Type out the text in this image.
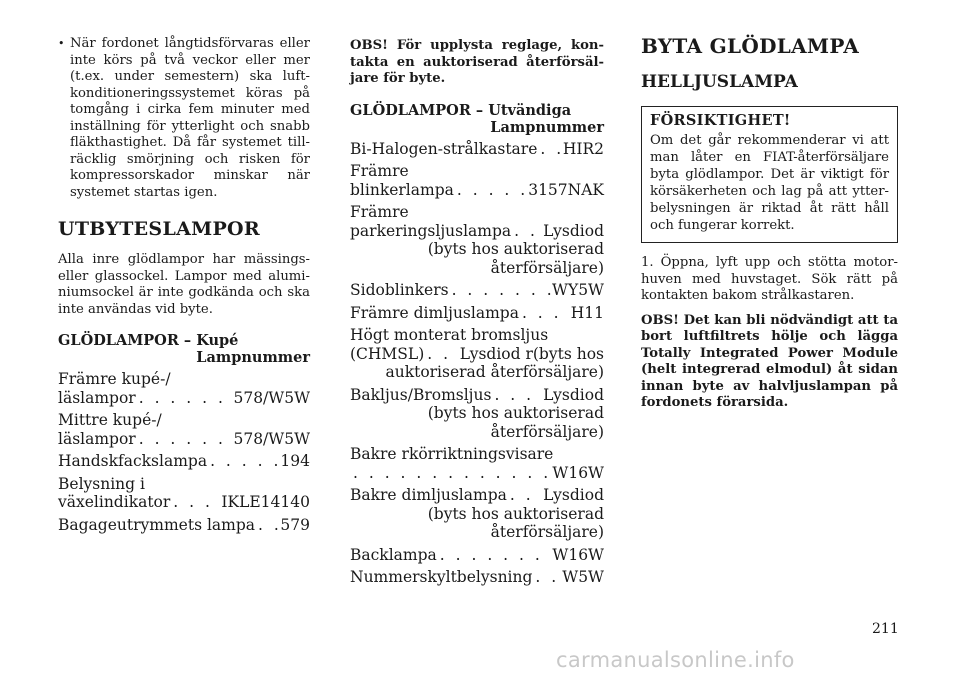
• När fordonet långtidsförvaras eller inte körs på två veckor eller mer (t.ex. under semestern) ska luft-konditioneringssystemet köras på tomgång i cirka fem minuter med inställning för ytterlight och snabb fläkthastighet. Då får systemet till-räcklig smörjning och risken för kompressorskador minskar när systemet startas igen.
UTBYTESLAMPOR

Alla inre glödlampor har mässings- eller glassockel. Lampor med alumi-niumsockel är inte godkända och ska inte användas vid byte.

GLÖDLAMPOR – Kupé
Lampnummer
Främre kupé-/
läslampor . . .	578/W5W
Mittre kupé-/
läslampor . . .	578/W5W
Handskfackslampa . . .	194
Belysning i
växelindikator . . .	IKLE14140
Bagageutrymmets lampa . . . 579

OBS! För upplysta reglage, kon-takta en auktoriserad återförsäl-jare för byte.

GLÖDLAMPOR – Utvändiga
Lampnummer
Bi-Halogen-strålkastare . . . HIR2
Främre
blinkerlampa . . .	3157NAK
Främre
parkeringsljuslampa . . . Lysdiod
(byts hos auktoriserad
återförsäljare)
Sidoblinkers . . .	WY5W
Främre dimljuslampa . . .	H11
Högt monterat bromsljus
(CHMSL) . . . Lysdiod r(byts hos
auktoriserad återförsäljare)
Bakljus/Bromsljus . . .	Lysdiod
(byts hos auktoriserad
återförsäljare)
Bakre rkörriktningsvisare
. . .
W16W
Bakre dimljuslampa . . . Lysdiod
(byts hos auktoriserad
återförsäljare)
Backlampa . . .	W16W
Nummerskyltbelysning . . . W5W
BYTA GLÖDLAMPA
HELLJUSLAMPA
FÖRSIKTIGHET!
Om det går rekommenderar vi att man låter en FIAT-återförsäljare byta glödlampor. Det är viktigt för körsäkerheten och lag på att ytter-belysningen är riktad åt rätt håll och fungerar korrekt.
1. Öppna, lyft upp och stötta motor-huven med huvstaget. Sök rätt på kontakten bakom strålkastaren.

OBS! Det kan bli nödvändigt att ta bort luftfiltrets hölje och lägga Totally Integrated Power Module (helt integrerad elmodul) åt sidan innan byte av halvljuslampan på fordonets förarsida.

211
carmanualsonline.info
